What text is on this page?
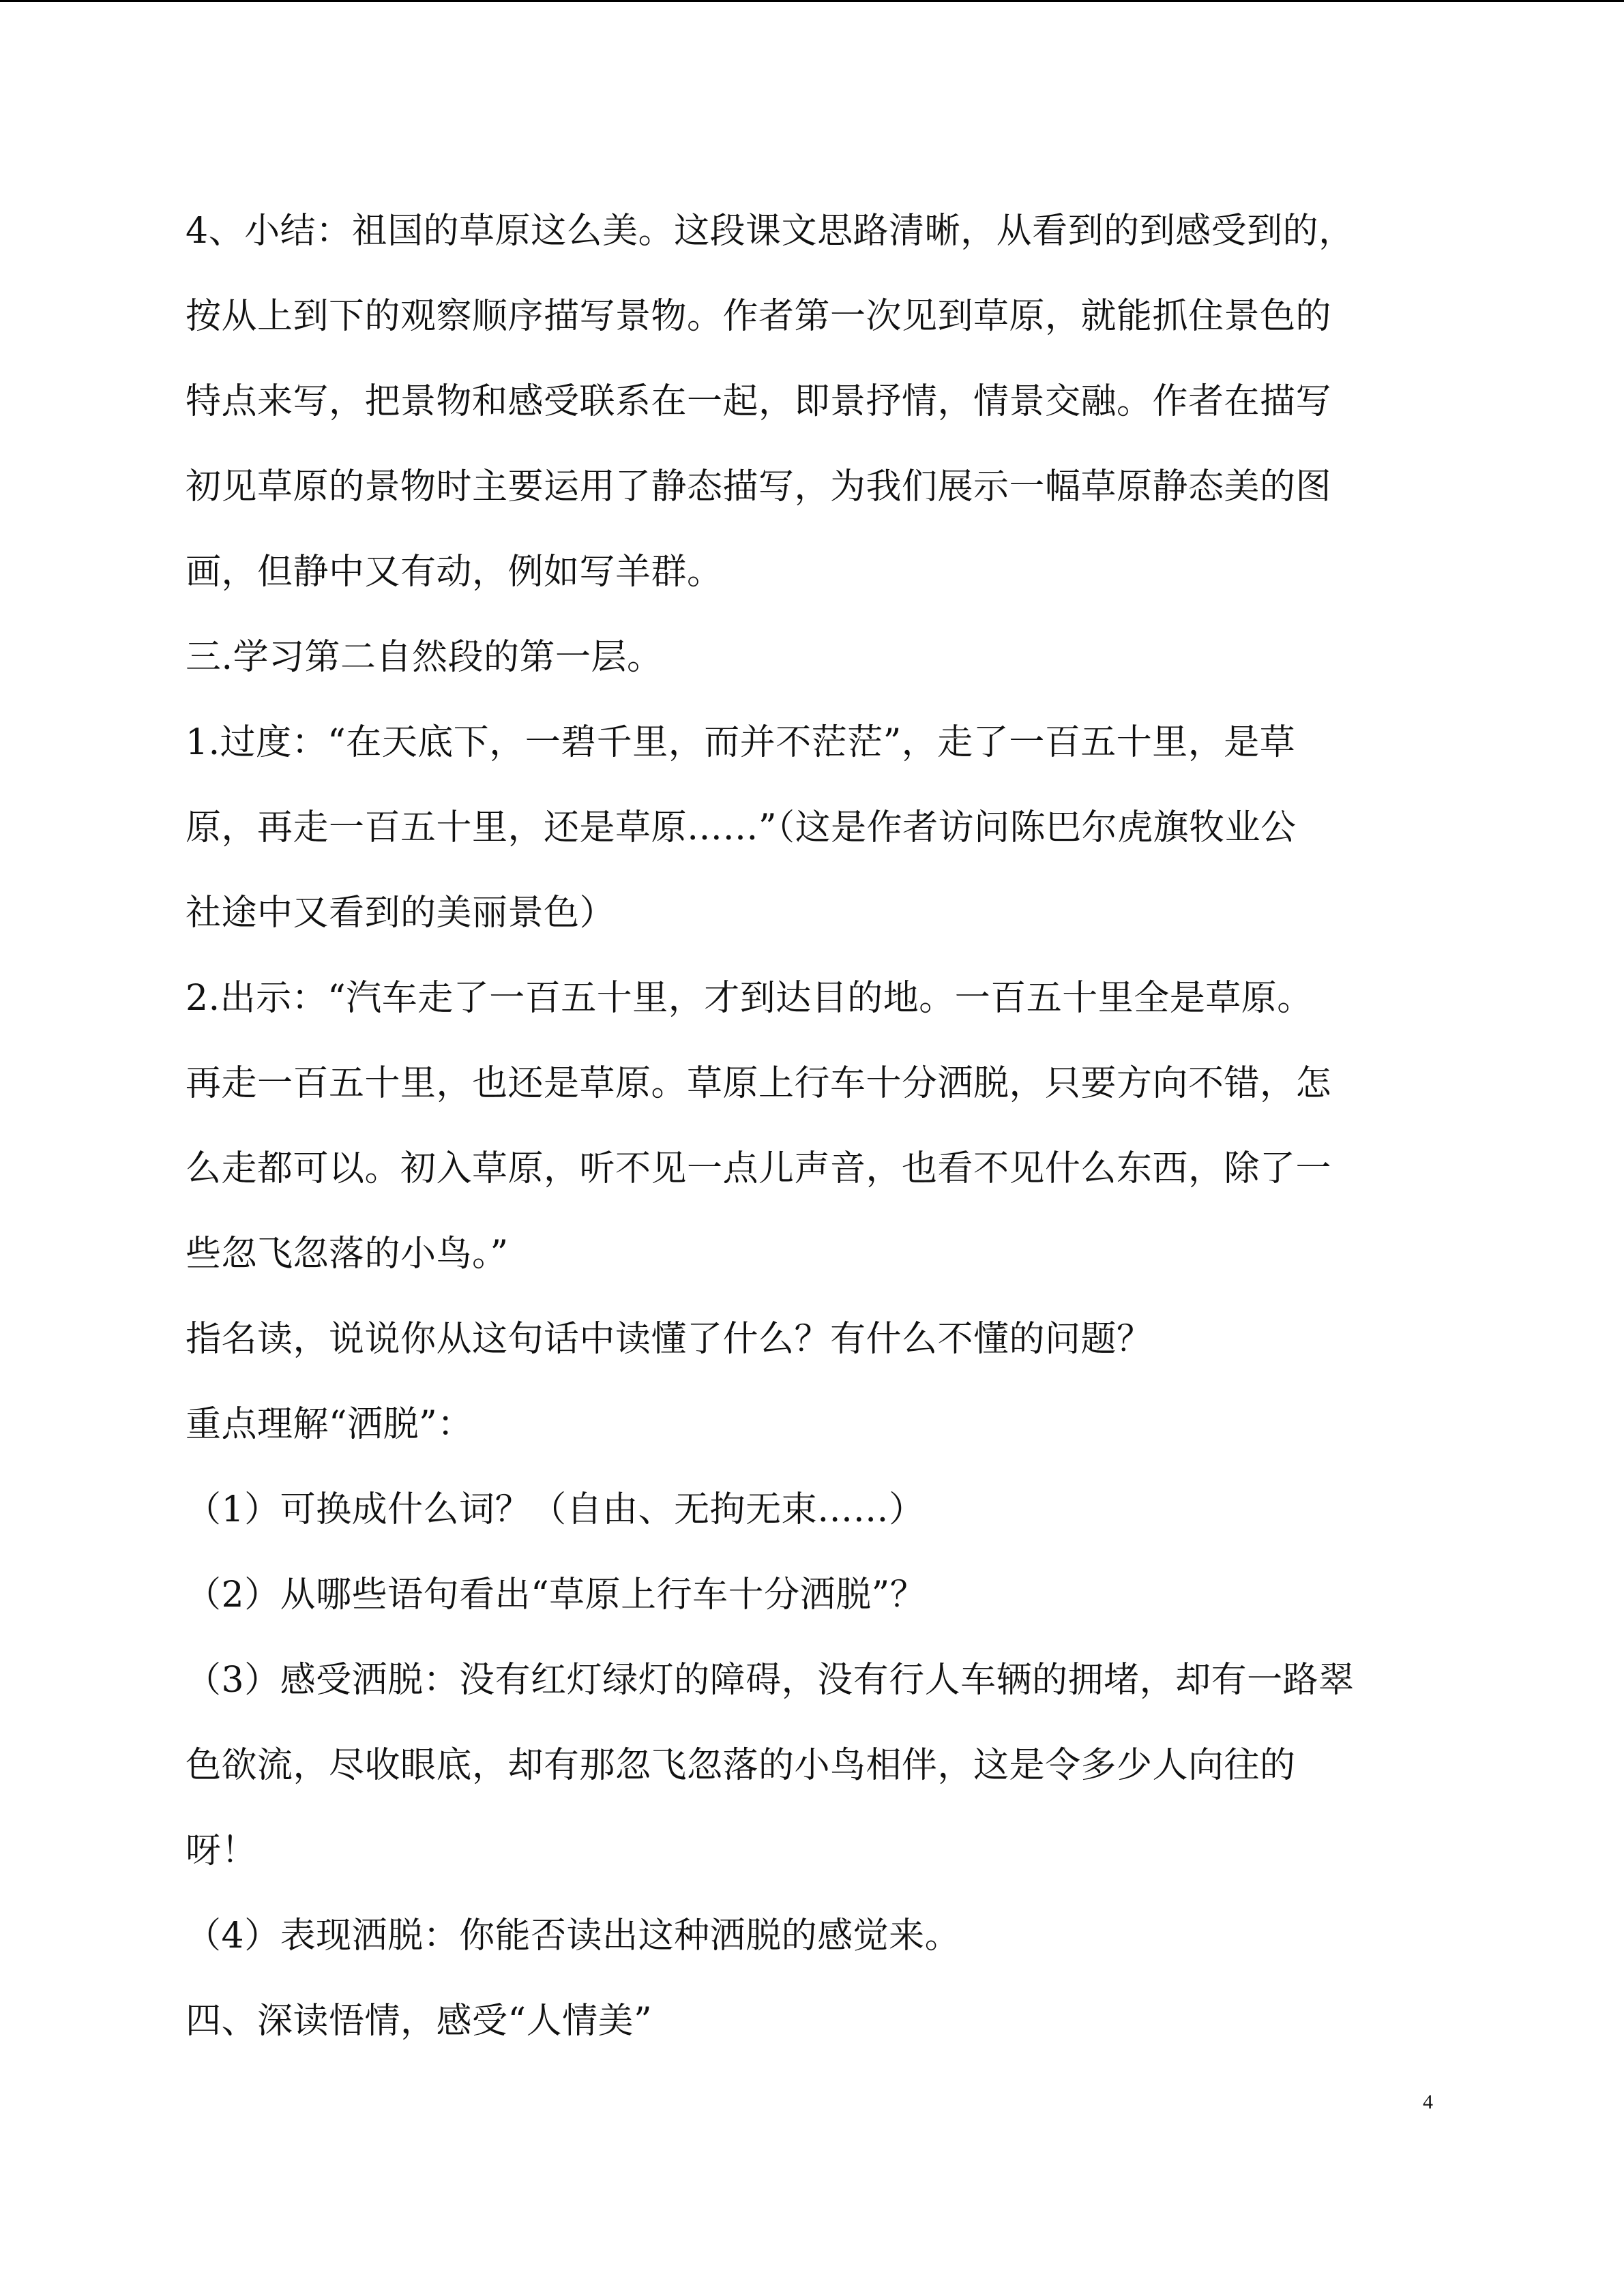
4、小结：祖国的草原这么美。这段课文思路清晰，从看到的到感受到的，
按从上到下的观察顺序描写景物。作者第一次见到草原，就能抓住景色的
特点来写，把景物和感受联系在一起，即景抒情，情景交融。作者在描写
初见草原的景物时主要运用了静态描写，为我们展示一幅草原静态美的图
画，但静中又有动，例如写羊群。
三.学习第二自然段的第一层。
1.过度：“在天底下，一碧千里，而并不茫茫”，走了一百五十里，是草
原，再走一百五十里，还是草原……”（这是作者访问陈巴尔虎旗牧业公
社途中又看到的美丽景色）
2.出示：“汽车走了一百五十里，才到达目的地。一百五十里全是草原。
再走一百五十里，也还是草原。草原上行车十分洒脱，只要方向不错，怎
么走都可以。初入草原，听不见一点儿声音，也看不见什么东西，除了一
些忽飞忽落的小鸟。”
指名读，说说你从这句话中读懂了什么？有什么不懂的问题？
重点理解“洒脱”：
（1）可换成什么词？（自由、无拘无束……）
（2）从哪些语句看出“草原上行车十分洒脱”？
（3）感受洒脱：没有红灯绿灯的障碍，没有行人车辆的拥堵，却有一路翠
色欲流，尽收眼底，却有那忽飞忽落的小鸟相伴，这是令多少人向往的
呀！
（4）表现洒脱：你能否读出这种洒脱的感觉来。
四、深读悟情，感受“人情美”
4
